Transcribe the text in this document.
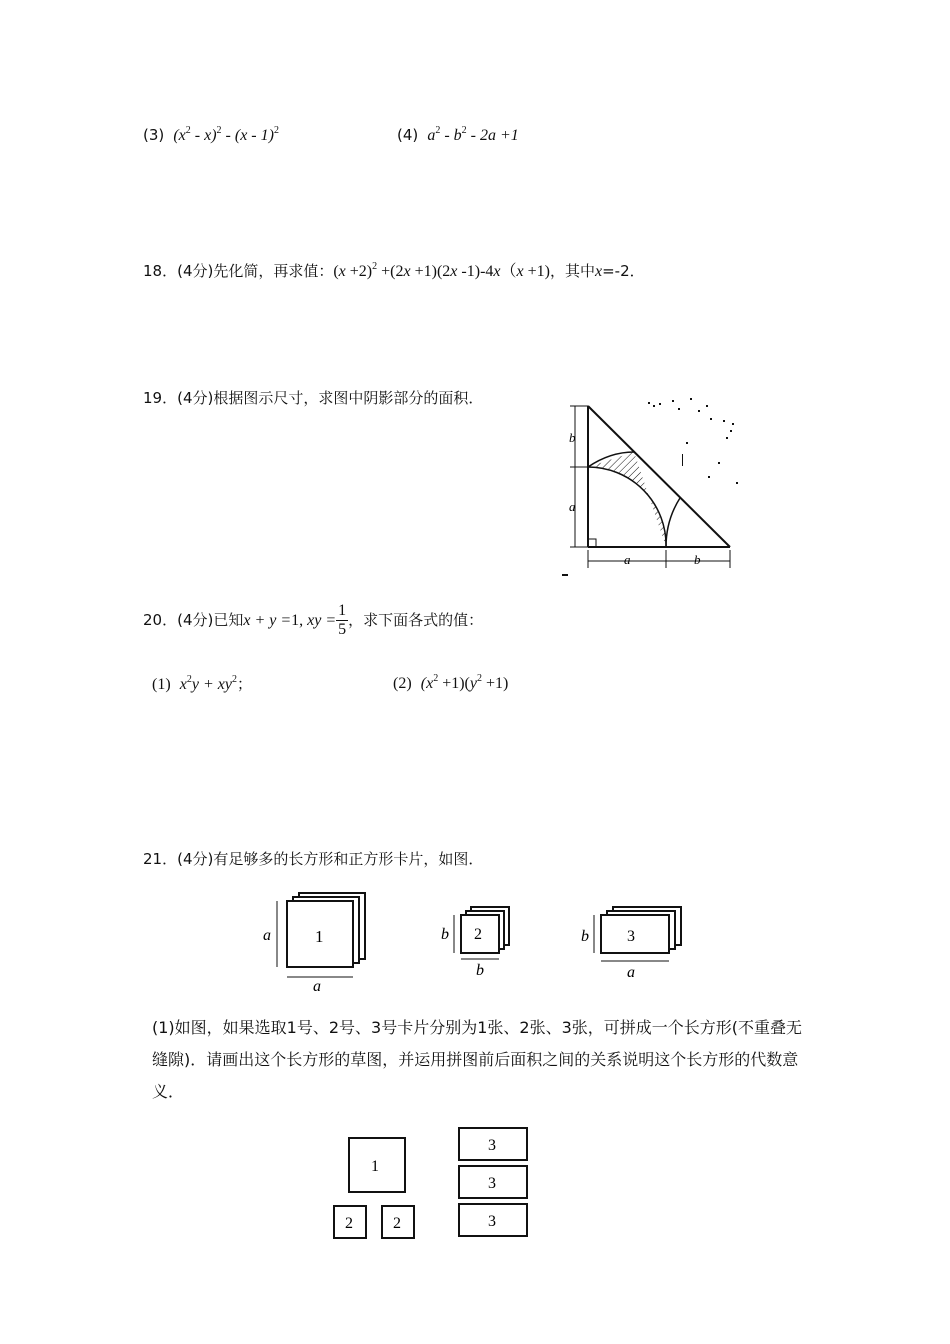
(3)  $(x^2 - x)^2 - (x - 1)^2$	(4)  $a^2 - b^2 - 2a +1$
18．(4分)先化简，再求值：$(x +2)^2 +(2x +1)(2x$ -1)-4x（x +1)，其中x=-2．
19．(4分)根据图示尺寸，求图中阴影部分的面积．
b
a
a	b
20．(4分)已知x + y =1, xy = $\frac{1}{5}$ ，求下面各式的值：
(1)  $x^2y + xy^2$；	(2)  $(x^2 +1)(y^2 +1)$
21．(4分)有足够多的长方形和正方形卡片，如图．
1
a
a
2
b
b
3
b
a
(1)如图，如果选取1号、2号、3号卡片分别为1张、2张、3张，可拼成一个长方形(不重叠无缝隙)．请画出这个长方形的草图，并运用拼图前后面积之间的关系说明这个长方形的代数意义．
1
2	2
3
3
3
